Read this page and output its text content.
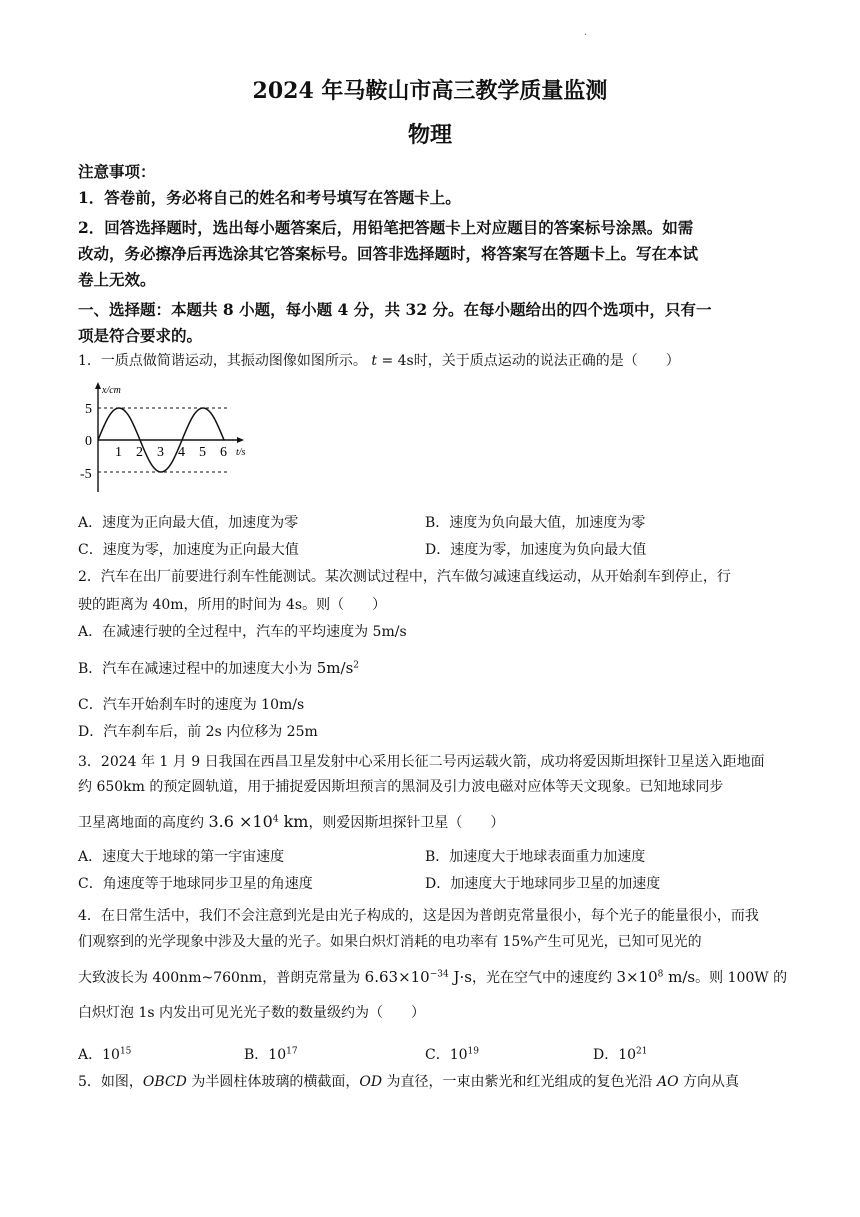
·
2024 年马鞍山市高三教学质量监测
物理
注意事项：
1．答卷前，务必将自己的姓名和考号填写在答题卡上。
2．回答选择题时，选出每小题答案后，用铅笔把答题卡上对应题目的答案标号涂黑。如需
改动，务必擦净后再选涂其它答案标号。回答非选择题时，将答案写在答题卡上。写在本试
卷上无效。
一、选择题：本题共 8 小题，每小题 4 分，共 32 分。在每小题给出的四个选项中，只有一
项是符合要求的。
1．一质点做简谐运动，其振动图像如图所示。 t = 4s时，关于质点运动的说法正确的是（　　）
x/cm
t/s
5
0
-5
1 2 3 4 5 6
A．速度为正向最大值，加速度为零	B．速度为负向最大值，加速度为零
C．速度为零，加速度为正向最大值	D．速度为零，加速度为负向最大值
2．汽车在出厂前要进行刹车性能测试。某次测试过程中，汽车做匀减速直线运动，从开始刹车到停止，行
驶的距离为 40m，所用的时间为 4s。则（　　）
A．在减速行驶的全过程中，汽车的平均速度为 5m/s
B．汽车在减速过程中的加速度大小为 $5m/s^2$
C．汽车开始刹车时的速度为 10m/s
D．汽车刹车后，前 2s 内位移为 25m
3．2024 年 1 月 9 日我国在西昌卫星发射中心采用长征二号丙运载火箭，成功将爱因斯坦探针卫星送入距地面
约 650km 的预定圆轨道，用于捕捉爱因斯坦预言的黑洞及引力波电磁对应体等天文现象。已知地球同步
卫星离地面的高度约 $3.6 \times 10^4$ km，则爱因斯坦探针卫星（　　）
A．速度大于地球的第一宇宙速度	B．加速度大于地球表面重力加速度
C．角速度等于地球同步卫星的角速度	D．加速度大于地球同步卫星的加速度
4．在日常生活中，我们不会注意到光是由光子构成的，这是因为普朗克常量很小，每个光子的能量很小，而我
们观察到的光学现象中涉及大量的光子。如果白炽灯消耗的电功率有 15%产生可见光，已知可见光的
大致波长为 400nm~760nm，普朗克常量为 $6.63\times 10^{-34}$ J·s，光在空气中的速度约 $3\times 10^8$ m/s。则 100W 的
白炽灯泡 1s 内发出可见光光子数的数量级约为（　　）
A．$10^{15}$	B．$10^{17}$	C．$10^{19}$	D．$10^{21}$
5．如图，OBCD 为半圆柱体玻璃的横截面，OD 为直径，一束由紫光和红光组成的复色光沿 AO 方向从真
